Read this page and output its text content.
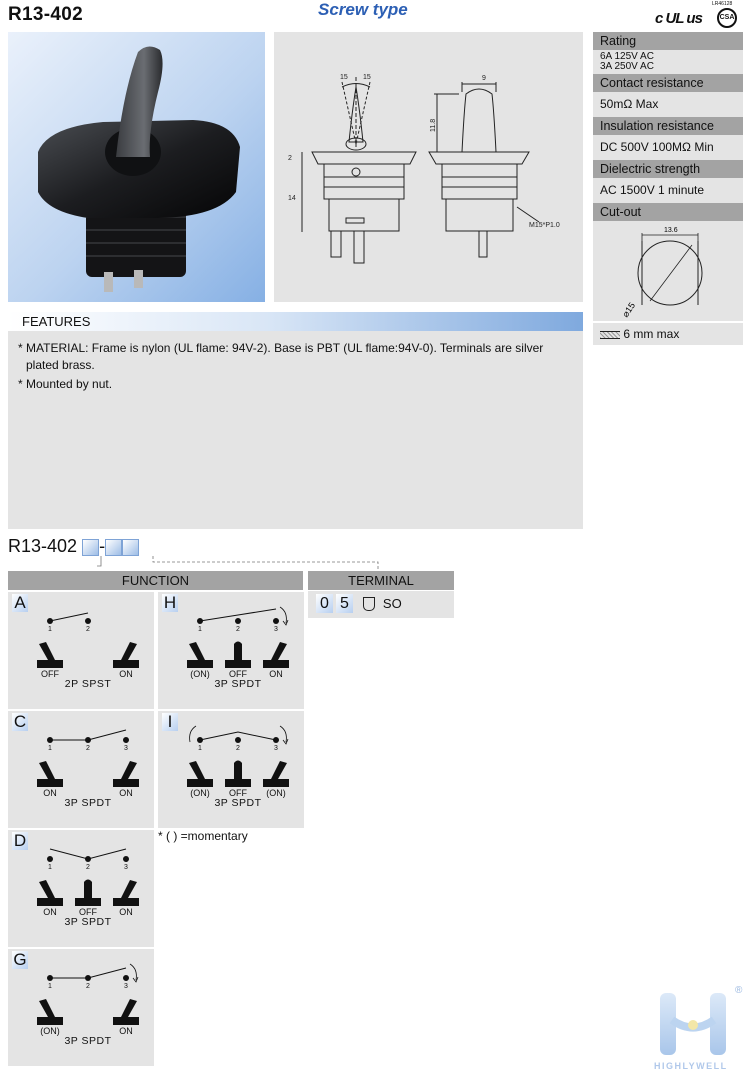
R13-402	Screw type	c UL us	CSA
LR46128
15 15	9
11.8
2
14
M15*P1.0
Rating
6A 125V AC
3A 250V AC
Contact resistance
50mΩ Max
Insulation resistance
DC 500V 100MΩ Min
Dielectric strength
AC 1500V 1 minute
Cut-out
13.6
⌀15
6 mm max
FEATURES
* MATERIAL: Frame is nylon (UL flame: 94V-2). Base is PBT (UL flame:94V-0). Terminals are silver plated brass.
* Mounted by nut.
R13-402 -
FUNCTION	TERMINAL
0 5	SO
A
1	2
OFF	ON
2P SPST
H
1	2	3
(ON) OFF ON
3P SPDT
C
1	2	3
ON	ON
3P SPDT
I
1	2	3
(ON) OFF (ON)
3P SPDT
D
1	2	3
ON OFF ON
3P SPDT
G
1	2	3
(ON)	ON
3P SPDT
* ( ) =momentary
®
HIGHLYWELL
